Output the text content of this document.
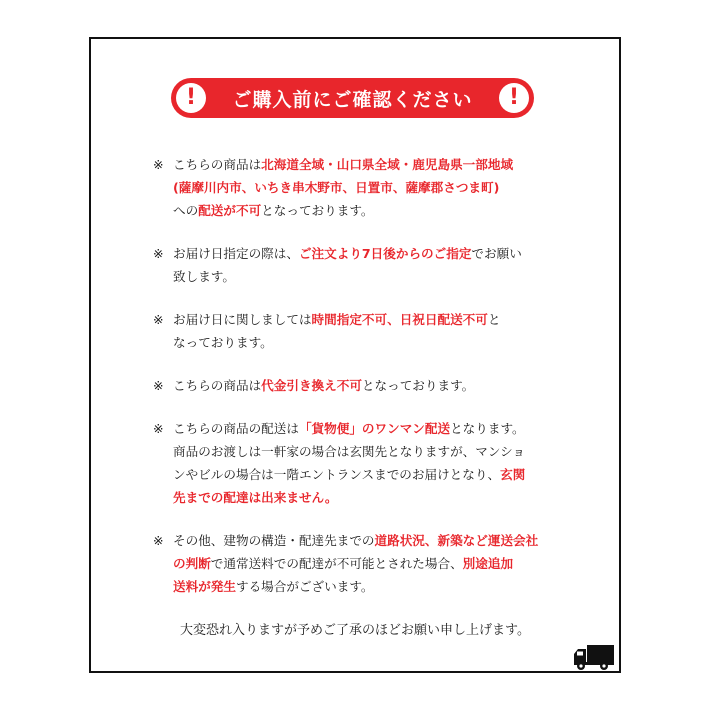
!	ご購入前にご確認ください	!
※ こちらの商品は北海道全域・山口県全域・鹿児島県一部地域
(薩摩川内市、いちき串木野市、日置市、薩摩郡さつま町)
への配送が不可となっております。
※ お届け日指定の際は、ご注文より7日後からのご指定でお願い
致します。
※ お届け日に関しましては時間指定不可、日祝日配送不可と
なっております。
※ こちらの商品は代金引き換え不可となっております。
※ こちらの商品の配送は「貨物便」のワンマン配送となります。
商品のお渡しは一軒家の場合は玄関先となりますが、マンショ
ンやビルの場合は一階エントランスまでのお届けとなり、玄関
先までの配達は出来ません。
※ その他、建物の構造・配達先までの道路状況、新築など運送会社
の判断で通常送料での配達が不可能とされた場合、別途追加
送料が発生する場合がございます。
大変恐れ入りますが予めご了承のほどお願い申し上げます。
